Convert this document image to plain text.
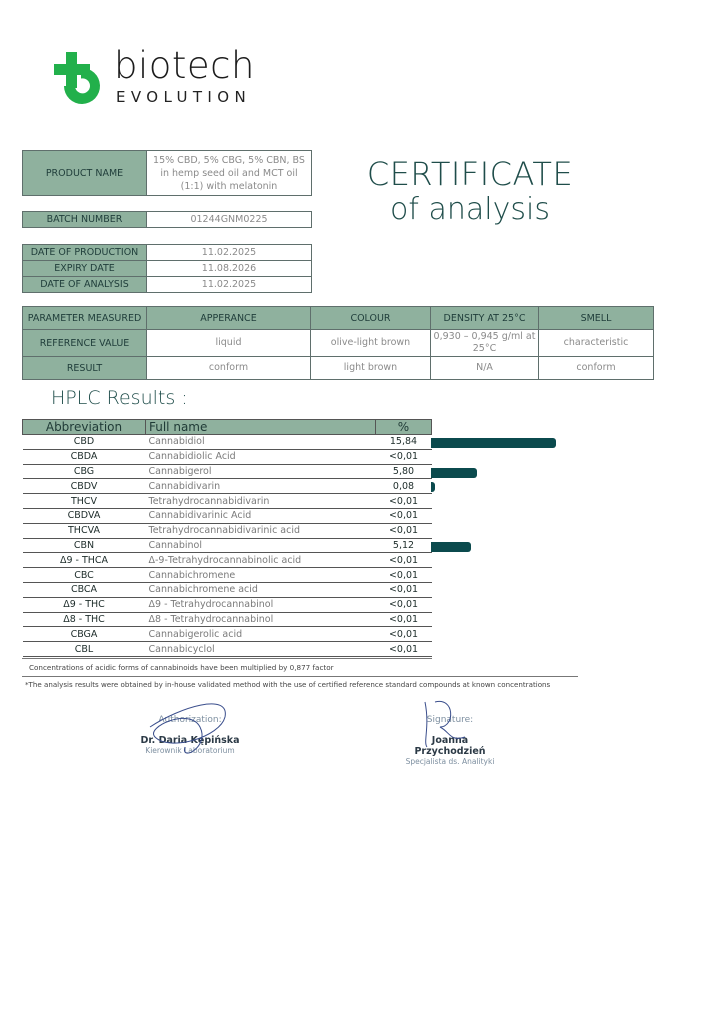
biotech
EVOLUTION
CERTIFICATE
of analysis
PRODUCT NAME	15% CBD, 5% CBG, 5% CBN, BS in hemp seed oil and MCT oil (1:1) with melatonin
BATCH NUMBER	01244GNM0225
DATE OF PRODUCTION	11.02.2025
EXPIRY DATE	11.08.2026
DATE OF ANALYSIS	11.02.2025
PARAMETER MEASURED	APPERANCE	COLOUR	DENSITY AT 25°C	SMELL
REFERENCE VALUE	liquid	olive-light brown	0,930 – 0,945 g/ml at 25°C	characteristic
RESULT	conform	light brown	N/A	conform
HPLC Results :
Abbreviation	Full name	%
CBD	Cannabidiol	15,84
CBDA	Cannabidiolic Acid	<0,01
CBG	Cannabigerol	5,80
CBDV	Cannabidivarin	0,08
THCV	Tetrahydrocannabidivarin	<0,01
CBDVA	Cannabidivarinic Acid	<0,01
THCVA	Tetrahydrocannabidivarinic acid	<0,01
CBN	Cannabinol	5,12
Δ9 - THCA	Δ-9-Tetrahydrocannabinolic acid	<0,01
CBC	Cannabichromene	<0,01
CBCA	Cannabichromene acid	<0,01
Δ9 - THC	Δ9 - Tetrahydrocannabinol	<0,01
Δ8 - THC	Δ8 - Tetrahydrocannabinol	<0,01
CBGA	Cannabigerolic acid	<0,01
CBL	Cannabicyclol	<0,01
Concentrations of acidic forms of cannabinoids have been multiplied by 0,877 factor
*The analysis results were obtained by in-house validated method with the use of certified reference standard compounds at known concentrations
Authorization:
Dr. Daria Kępińska
Kierownik Laboratorium
Signature:
Joanna Przychodzień
Specjalista ds. Analityki
